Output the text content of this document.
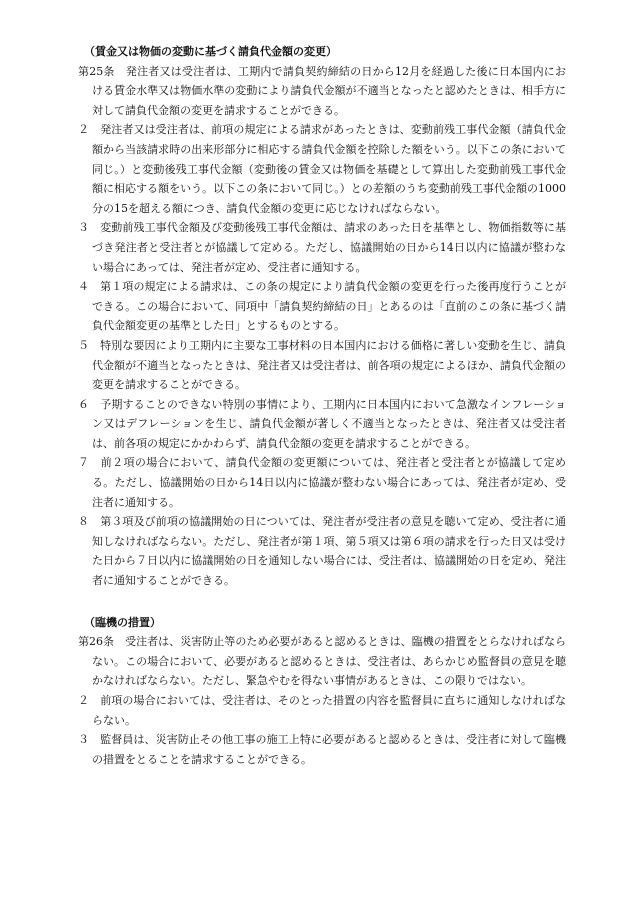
（賃金又は物価の変動に基づく請負代金額の変更）

第25条　発注者又は受注者は、工期内で請負契約締結の日から12月を経過した後に日本国内における賃金水準又は物価水準の変動により請負代金額が不適当となったと認めたときは、相手方に対して請負代金額の変更を請求することができる。

２　発注者又は受注者は、前項の規定による請求があったときは、変動前残工事代金額（請負代金額から当該請求時の出来形部分に相応する請負代金額を控除した額をいう。以下この条において同じ。）と変動後残工事代金額（変動後の賃金又は物価を基礎として算出した変動前残工事代金額に相応する額をいう。以下この条において同じ。）との差額のうち変動前残工事代金額の1000分の15を超える額につき、請負代金額の変更に応じなければならない。

３　変動前残工事代金額及び変動後残工事代金額は、請求のあった日を基準とし、物価指数等に基づき発注者と受注者とが協議して定める。ただし、協議開始の日から14日以内に協議が整わない場合にあっては、発注者が定め、受注者に通知する。

４　第１項の規定による請求は、この条の規定により請負代金額の変更を行った後再度行うことができる。この場合において、同項中「請負契約締結の日」とあるのは「直前のこの条に基づく請負代金額変更の基準とした日」とするものとする。

５　特別な要因により工期内に主要な工事材料の日本国内における価格に著しい変動を生じ、請負代金額が不適当となったときは、発注者又は受注者は、前各項の規定によるほか、請負代金額の変更を請求することができる。

６　予期することのできない特別の事情により、工期内に日本国内において急激なインフレーション又はデフレーションを生じ、請負代金額が著しく不適当となったときは、発注者又は受注者は、前各項の規定にかかわらず、請負代金額の変更を請求することができる。

７　前２項の場合において、請負代金額の変更額については、発注者と受注者とが協議して定める。ただし、協議開始の日から14日以内に協議が整わない場合にあっては、発注者が定め、受注者に通知する。

８　第３項及び前項の協議開始の日については、発注者が受注者の意見を聴いて定め、受注者に通知しなければならない。ただし、発注者が第１項、第５項又は第６項の請求を行った日又は受けた日から７日以内に協議開始の日を通知しない場合には、受注者は、協議開始の日を定め、発注者に通知することができる。

（臨機の措置）

第26条　受注者は、災害防止等のため必要があると認めるときは、臨機の措置をとらなければならない。この場合において、必要があると認めるときは、受注者は、あらかじめ監督員の意見を聴かなければならない。ただし、緊急やむを得ない事情があるときは、この限りではない。

２　前項の場合においては、受注者は、そのとった措置の内容を監督員に直ちに通知しなければならない。

３　監督員は、災害防止その他工事の施工上特に必要があると認めるときは、受注者に対して臨機の措置をとることを請求することができる。
